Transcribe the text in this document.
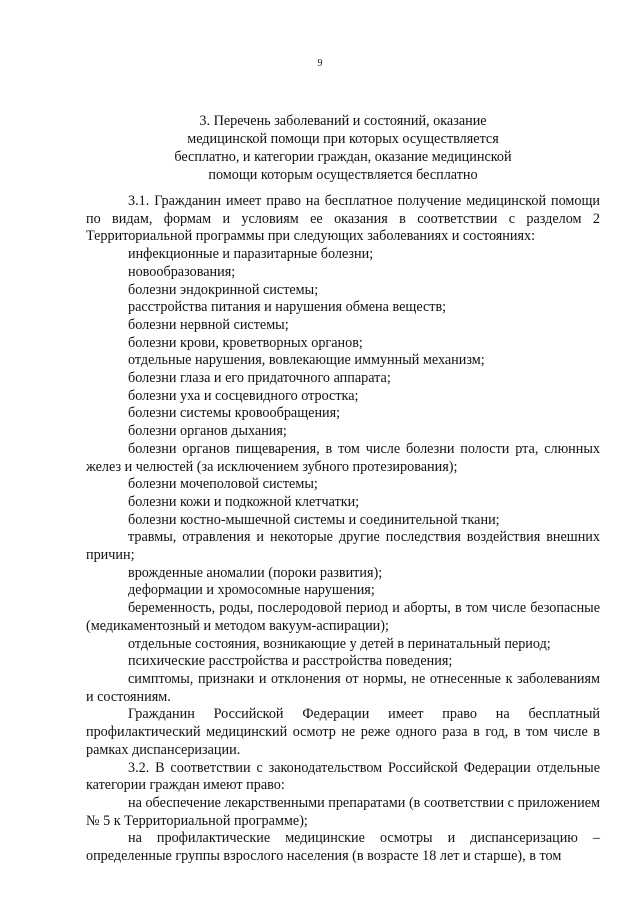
9
3. Перечень заболеваний и состояний, оказание
медицинской помощи при которых осуществляется
бесплатно, и категории граждан, оказание медицинской
помощи которым осуществляется бесплатно

3.1. Гражданин имеет право на бесплатное получение медицинской помощи по видам, формам и условиям ее оказания в соответствии с разделом 2 Территориальной программы при следующих заболеваниях и состояниях:

инфекционные и паразитарные болезни;

новообразования;

болезни эндокринной системы;

расстройства питания и нарушения обмена веществ;

болезни нервной системы;

болезни крови, кроветворных органов;

отдельные нарушения, вовлекающие иммунный механизм;

болезни глаза и его придаточного аппарата;

болезни уха и сосцевидного отростка;

болезни системы кровообращения;

болезни органов дыхания;

болезни органов пищеварения, в том числе болезни полости рта, слюнных желез и челюстей (за исключением зубного протезирования);

болезни мочеполовой системы;

болезни кожи и подкожной клетчатки;

болезни костно-мышечной системы и соединительной ткани;

травмы, отравления и некоторые другие последствия воздействия внешних причин;

врожденные аномалии (пороки развития);

деформации и хромосомные нарушения;

беременность, роды, послеродовой период и аборты, в том числе безопасные (медикаментозный и методом вакуум-аспирации);

отдельные состояния, возникающие у детей в перинатальный период;

психические расстройства и расстройства поведения;

симптомы, признаки и отклонения от нормы, не отнесенные к заболеваниям и состояниям.

Гражданин Российской Федерации имеет право на бесплатный профилактический медицинский осмотр не реже одного раза в год, в том числе в рамках диспансеризации.

3.2. В соответствии с законодательством Российской Федерации отдельные категории граждан имеют право:

на обеспечение лекарственными препаратами (в соответствии с приложением № 5 к Территориальной программе);

на профилактические медицинские осмотры и диспансеризацию – определенные группы взрослого населения (в возрасте 18 лет и старше), в том
